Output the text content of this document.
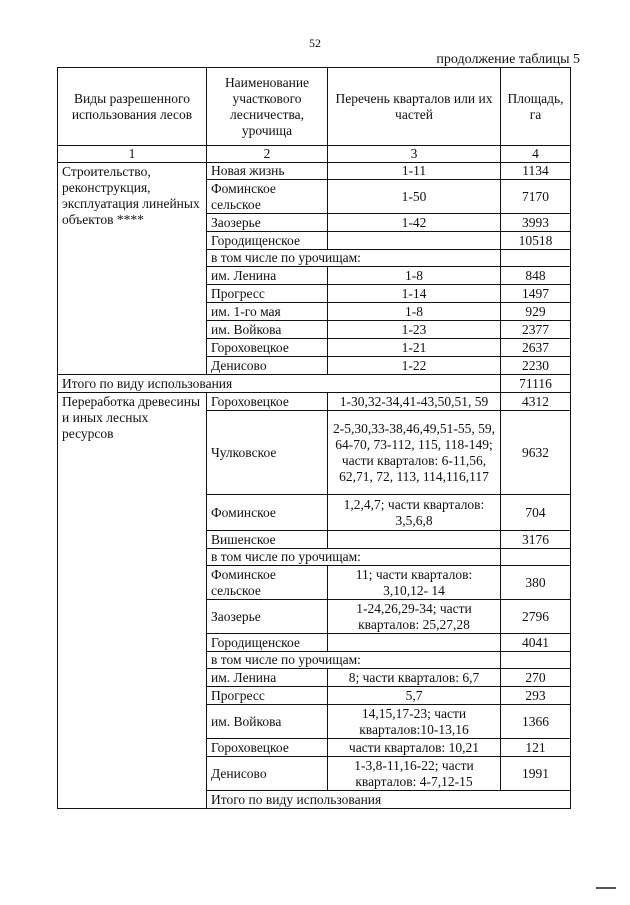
52
продолжение таблицы 5
Виды разрешенного использования лесов	Наименование участкового лесничества, урочища	Перечень кварталов или их частей	Площадь, га	
1	2	3	4	
Строительство, реконструкция, эксплуатация линейных объектов ****	Новая жизнь	1-11	1134	
	Фоминское сельское	1-50	7170	
	Заозерье	1-42	3993	
	Городищенское		10518	
	в том числе по урочищам:			
	им. Ленина	1-8	848	
	Прогресс	1-14	1497	
	им. 1-го мая	1-8	929	
	им. Войкова	1-23	2377	
	Гороховецкое	1-21	2637	
	Денисово	1-22	2230	
Итого по виду использования			71116	
Переработка древесины и иных лесных ресурсов	Гороховецкое	1-30,32-34,41-43,50,51, 59	4312	
	Чулковское	2-5,30,33-38,46,49,51-55, 59, 64-70, 73-112, 115, 118-149; части кварталов: 6-11,56, 62,71, 72, 113, 114,116,117	9632	
	Фоминское	1,2,4,7; части кварталов: 3,5,6,8	704	
	Вишенское		3176	
	в том числе по урочищам:			
	Фоминское сельское	11; части кварталов: 3,10,12- 14	380	
	Заозерье	1-24,26,29-34; части кварталов: 25,27,28	2796	
	Городищенское		4041	
	в том числе по урочищам:			
	им. Ленина	8; части кварталов: 6,7	270	
	Прогресс	5,7	293	
	им. Войкова	14,15,17-23; части кварталов:10-13,16	1366	
	Гороховецкое	части кварталов: 10,21	121	
	Денисово	1-3,8-11,16-22; части кварталов: 4-7,12-15	1991	
	Итого по виду использования	
